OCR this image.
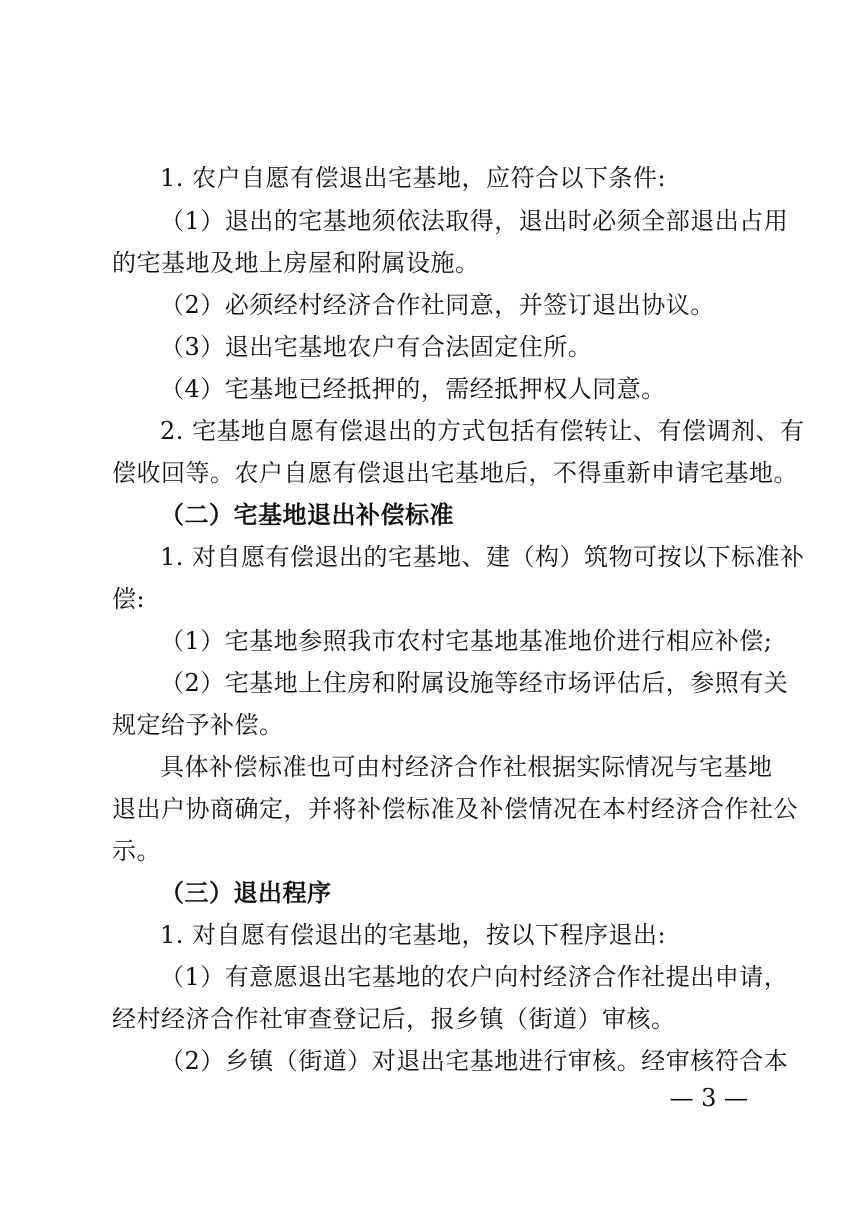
1. 农户自愿有偿退出宅基地，应符合以下条件:
（1）退出的宅基地须依法取得，退出时必须全部退出占用
的宅基地及地上房屋和附属设施。
（2）必须经村经济合作社同意，并签订退出协议。
（3）退出宅基地农户有合法固定住所。
（4）宅基地已经抵押的，需经抵押权人同意。
2. 宅基地自愿有偿退出的方式包括有偿转让、有偿调剂、有
偿收回等。农户自愿有偿退出宅基地后，不得重新申请宅基地。
（二）宅基地退出补偿标准
1. 对自愿有偿退出的宅基地、建（构）筑物可按以下标准补
偿:
（1）宅基地参照我市农村宅基地基准地价进行相应补偿;
（2）宅基地上住房和附属设施等经市场评估后，参照有关
规定给予补偿。
具体补偿标准也可由村经济合作社根据实际情况与宅基地
退出户协商确定，并将补偿标准及补偿情况在本村经济合作社公
示。
（三）退出程序
1. 对自愿有偿退出的宅基地，按以下程序退出:
（1）有意愿退出宅基地的农户向村经济合作社提出申请，
经村经济合作社审查登记后，报乡镇（街道）审核。
（2）乡镇（街道）对退出宅基地进行审核。经审核符合本
— 3 —
